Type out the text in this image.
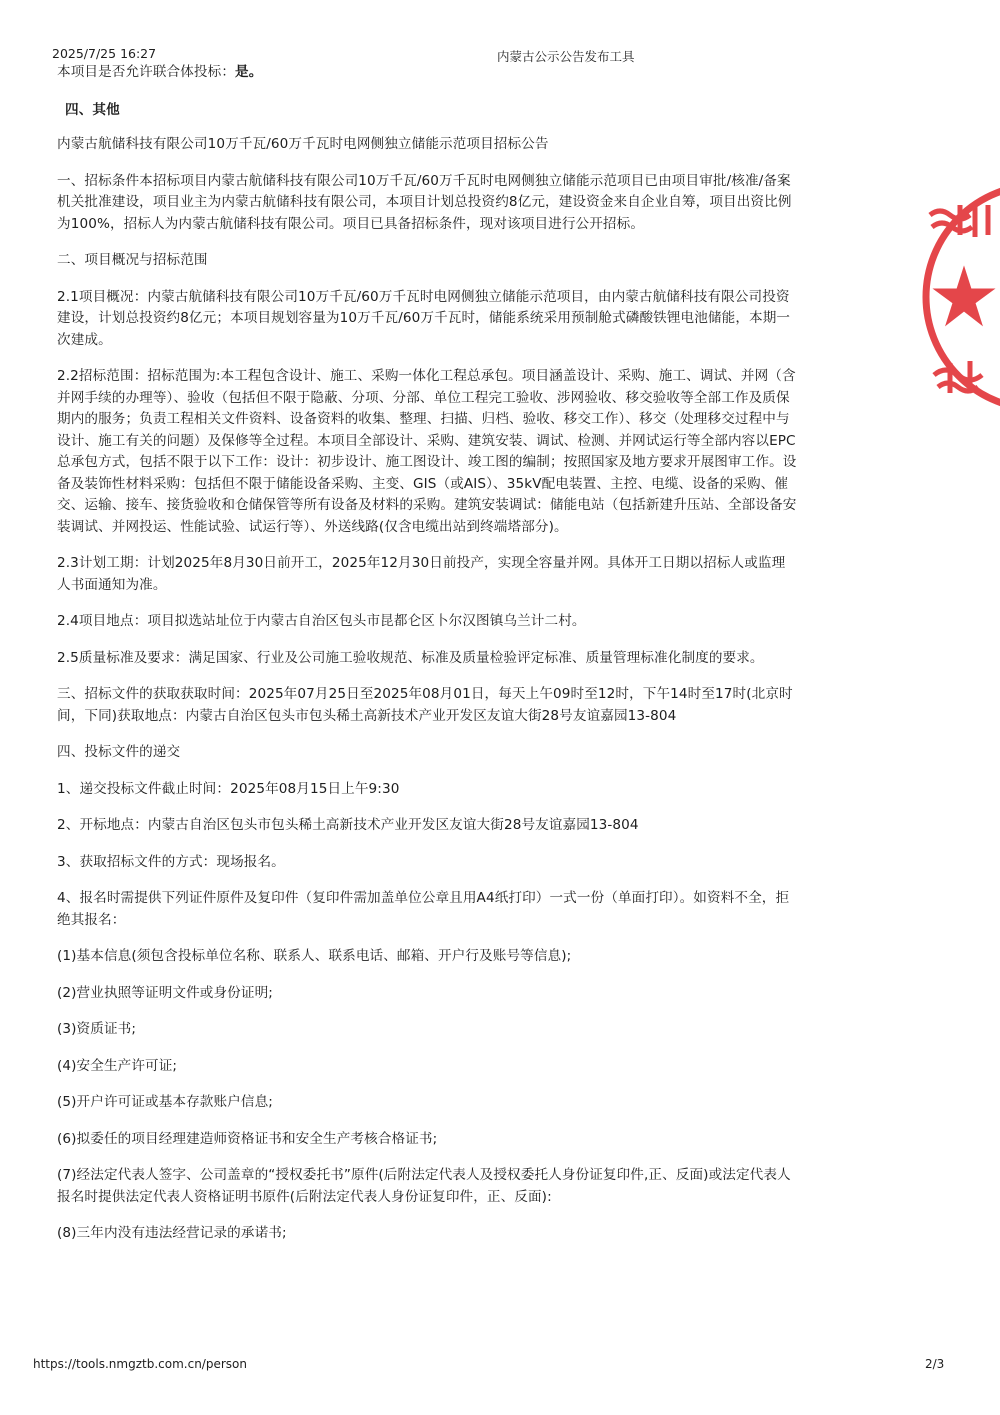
2025/7/25 16:27	内蒙古公示公告发布工具

本项目是否允许联合体投标：是。

四、其他

内蒙古航储科技有限公司10万千瓦/60万千瓦时电网侧独立储能示范项目招标公告

一、招标条件本招标项目内蒙古航储科技有限公司10万千瓦/60万千瓦时电网侧独立储能示范项目已由项目审批/核准/备案机关批准建设，项目业主为内蒙古航储科技有限公司，本项目计划总投资约8亿元，建设资金来自企业自筹，项目出资比例为100%，招标人为内蒙古航储科技有限公司。项目已具备招标条件，现对该项目进行公开招标。

二、项目概况与招标范围

2.1项目概况：内蒙古航储科技有限公司10万千瓦/60万千瓦时电网侧独立储能示范项目，由内蒙古航储科技有限公司投资建设，计划总投资约8亿元；本项目规划容量为10万千瓦/60万千瓦时，储能系统采用预制舱式磷酸铁锂电池储能，本期一次建成。

2.2招标范围：招标范围为:本工程包含设计、施工、采购一体化工程总承包。项目涵盖设计、采购、施工、调试、并网（含并网手续的办理等）、验收（包括但不限于隐蔽、分项、分部、单位工程完工验收、涉网验收、移交验收等全部工作及质保期内的服务；负责工程相关文件资料、设备资料的收集、整理、扫描、归档、验收、移交工作）、移交（处理移交过程中与设计、施工有关的问题）及保修等全过程。本项目全部设计、采购、建筑安装、调试、检测、并网试运行等全部内容以EPC总承包方式，包括不限于以下工作：设计：初步设计、施工图设计、竣工图的编制；按照国家及地方要求开展图审工作。设备及装饰性材料采购：包括但不限于储能设备采购、主变、GIS（或AIS）、35kV配电装置、主控、电缆、设备的采购、催交、运输、接车、接货验收和仓储保管等所有设备及材料的采购。建筑安装调试：储能电站（包括新建升压站、全部设备安装调试、并网投运、性能试验、试运行等）、外送线路(仅含电缆出站到终端塔部分)。

2.3计划工期：计划2025年8月30日前开工，2025年12月30日前投产，实现全容量并网。具体开工日期以招标人或监理人书面通知为准。

2.4项目地点：项目拟选站址位于内蒙古自治区包头市昆都仑区卜尔汉图镇乌兰计二村。

2.5质量标准及要求：满足国家、行业及公司施工验收规范、标准及质量检验评定标准、质量管理标准化制度的要求。

三、招标文件的获取获取时间：2025年07月25日至2025年08月01日，每天上午09时至12时，下午14时至17时(北京时间，下同)获取地点：内蒙古自治区包头市包头稀土高新技术产业开发区友谊大街28号友谊嘉园13-804

四、投标文件的递交

1、递交投标文件截止时间：2025年08月15日上午9:30

2、开标地点：内蒙古自治区包头市包头稀土高新技术产业开发区友谊大街28号友谊嘉园13-804

3、获取招标文件的方式：现场报名。

4、报名时需提供下列证件原件及复印件（复印件需加盖单位公章且用A4纸打印）一式一份（单面打印）。如资料不全，拒绝其报名：

(1)基本信息(须包含投标单位名称、联系人、联系电话、邮箱、开户行及账号等信息);

(2)营业执照等证明文件或身份证明;

(3)资质证书;

(4)安全生产许可证;

(5)开户许可证或基本存款账户信息;

(6)拟委任的项目经理建造师资格证书和安全生产考核合格证书;

(7)经法定代表人签字、公司盖章的“授权委托书”原件(后附法定代表人及授权委托人身份证复印件,正、反面)或法定代表人报名时提供法定代表人资格证明书原件(后附法定代表人身份证复印件，正、反面):

(8)三年内没有违法经营记录的承诺书;

https://tools.nmgztb.com.cn/person	2/3
